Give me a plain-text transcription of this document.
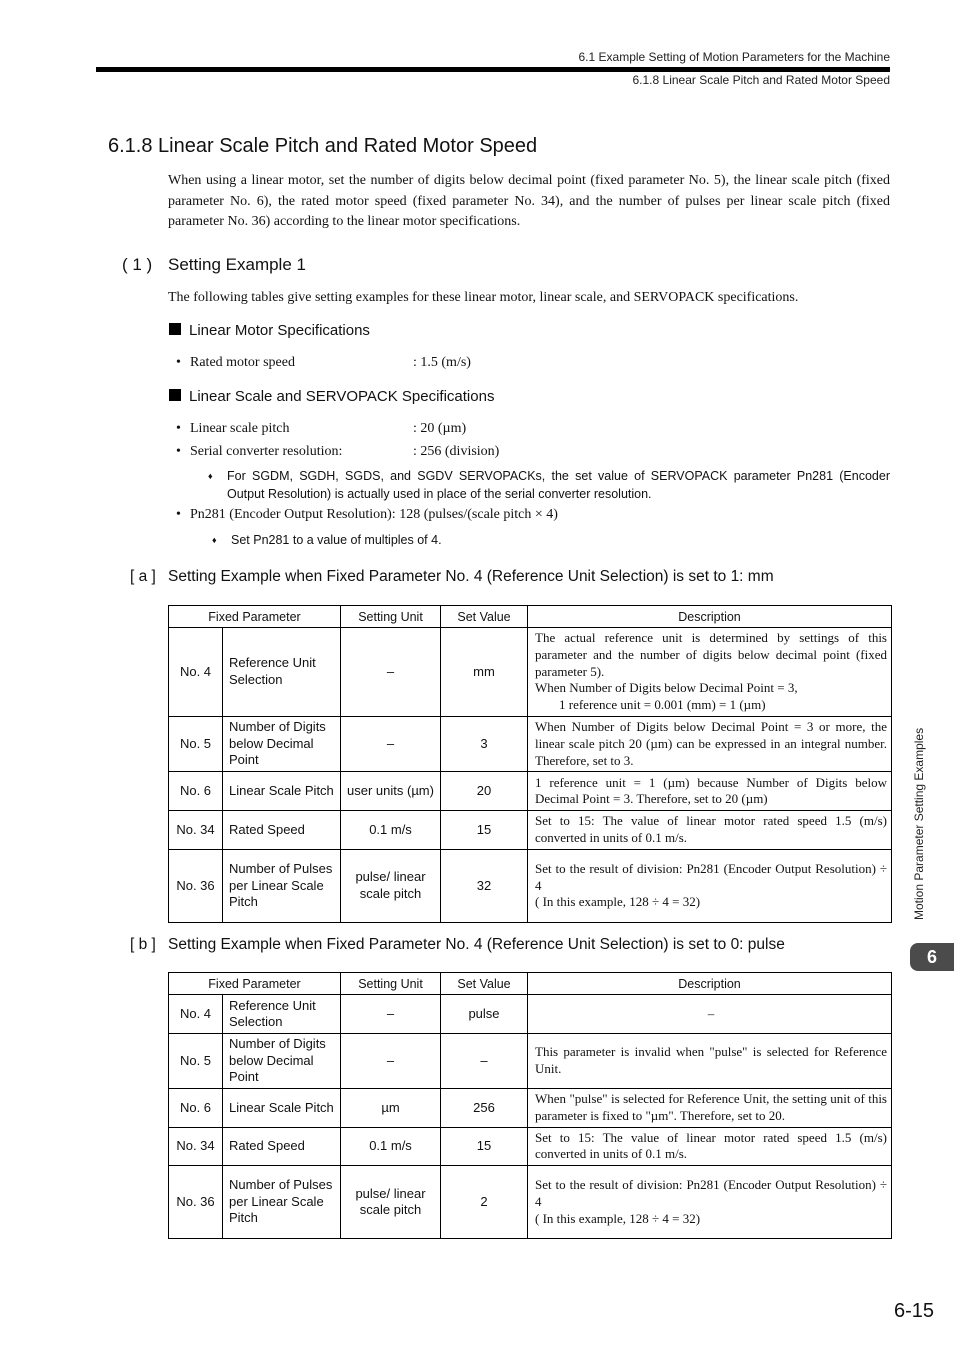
6.1 Example Setting of Motion Parameters for the Machine
6.1.8 Linear Scale Pitch and Rated Motor Speed
6.1.8 Linear Scale Pitch and Rated Motor Speed
When using a linear motor, set the number of digits below decimal point (fixed parameter No. 5), the linear scale pitch (fixed parameter No. 6), the rated motor speed (fixed parameter No. 34), and the number of pulses per linear scale pitch (fixed parameter No. 36) according to the linear motor specifications.
( 1 ) Setting Example 1
The following tables give setting examples for these linear motor, linear scale, and SERVOPACK specifications.
Linear Motor Specifications
• Rated motor speed	: 1.5 (m/s)
Linear Scale and SERVOPACK Specifications
• Linear scale pitch	: 20 (µm)
• Serial converter resolution:	: 256 (division)
♦	For SGDM, SGDH, SGDS, and SGDV SERVOPACKs, the set value of SERVOPACK parameter Pn281 (Encoder Output Resolution) is actually used in place of the serial converter resolution.
• Pn281 (Encoder Output Resolution): 128 (pulses/(scale pitch × 4)
♦	Set Pn281 to a value of multiples of 4.
[ a ] Setting Example when Fixed Parameter No. 4 (Reference Unit Selection) is set to 1: mm
Fixed Parameter		Setting Unit	Set Value	Description
No. 4	Reference Unit Selection	–	mm	The actual reference unit is determined by settings of this parameter and the number of digits below decimal point (fixed parameter 5).
When Number of Digits below Decimal Point = 3,
1 reference unit = 0.001 (mm) = 1 (µm)

No. 5	Number of Digits below Decimal Point	–	3	When Number of Digits below Decimal Point = 3 or more, the linear scale pitch 20 (µm) can be expressed in an integral number. Therefore, set to 3.
No. 6	Linear Scale Pitch	user units (µm)	20	1 reference unit = 1 (µm) because Number of Digits below Decimal Point = 3. Therefore, set to 20 (µm)
No. 34	Rated Speed	0.1 m/s	15	Set to 15: The value of linear motor rated speed 1.5 (m/s) converted in units of 0.1 m/s.
No. 36	Number of Pulses per Linear Scale Pitch	pulse/ linear scale pitch	32	Set to the result of division: Pn281 (Encoder Output Resolution) ÷ 4
( In this example, 128 ÷ 4 = 32)
[ b ] Setting Example when Fixed Parameter No. 4 (Reference Unit Selection) is set to 0: pulse
Fixed Parameter		Setting Unit	Set Value	Description
No. 4	Reference Unit Selection	–	pulse	–
No. 5	Number of Digits below Decimal Point	–	–	This parameter is invalid when "pulse" is selected for Reference Unit.
No. 6	Linear Scale Pitch	µm	256	When "pulse" is selected for Reference Unit, the setting unit of this parameter is fixed to "µm". Therefore, set to 20.
No. 34	Rated Speed	0.1 m/s	15	Set to 15: The value of linear motor rated speed 1.5 (m/s) converted in units of 0.1 m/s.
No. 36	Number of Pulses per Linear Scale Pitch	pulse/ linear scale pitch	2	Set to the result of division: Pn281 (Encoder Output Resolution) ÷ 4
( In this example, 128 ÷ 4 = 32)
Motion Parameter Setting Examples
6
6-15
